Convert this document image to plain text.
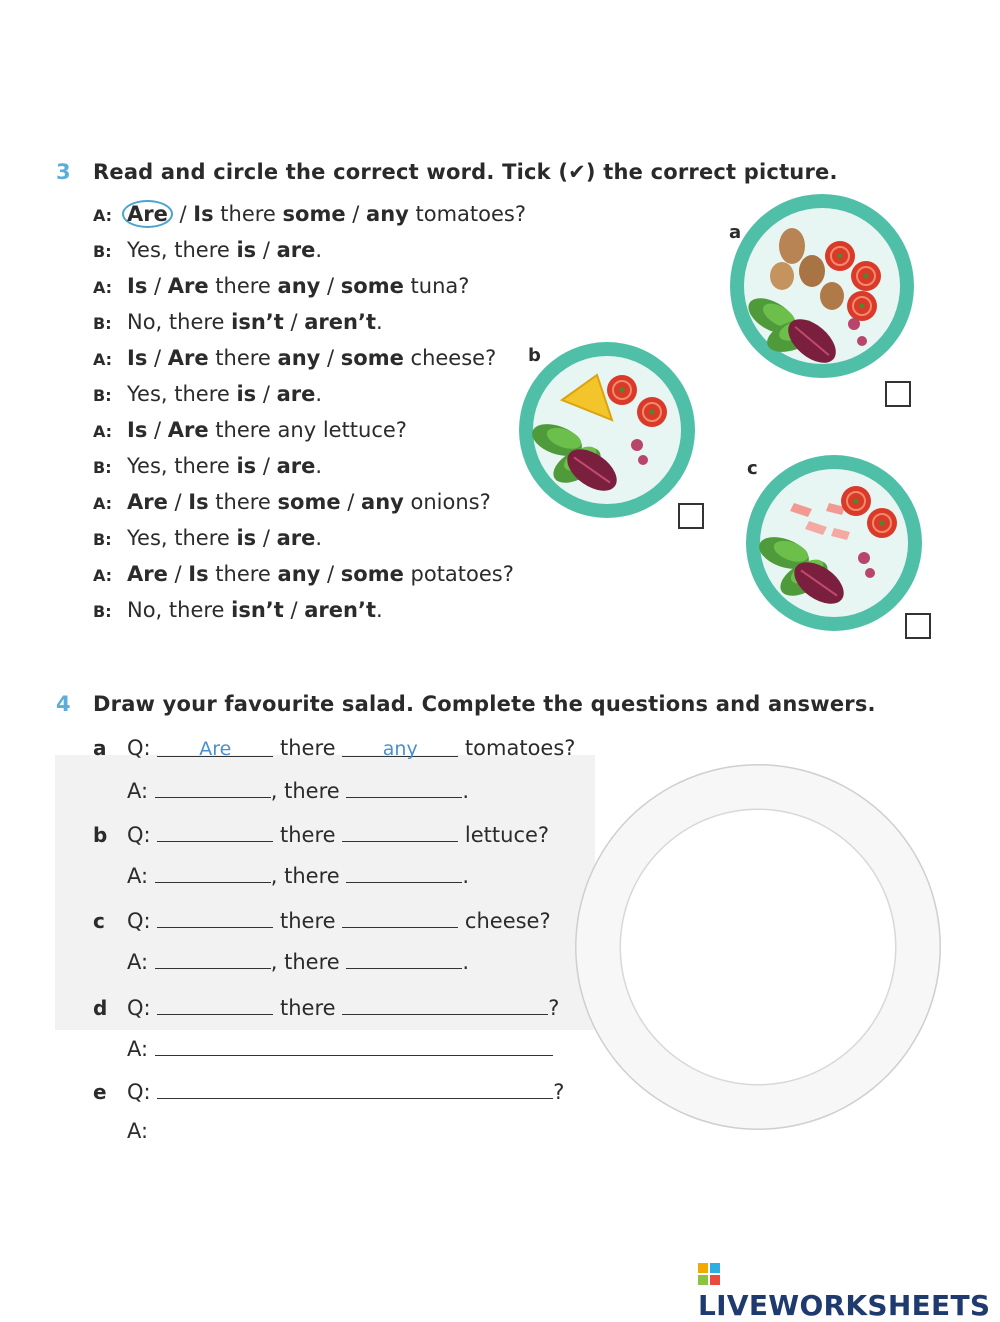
3 Read and circle the correct word. Tick (✔) the correct picture.
A: Are / Is there some / any tomatoes?
B: Yes, there is / are.
A: Is / Are there any / some tuna?
B: No, there isn’t / aren’t.
A: Is / Are there any / some cheese?
B: Yes, there is / are.
A: Is / Are there any lettuce?
B: Yes, there is / are.
A: Are / Is there some / any onions?
B: Yes, there is / are.
A: Are / Is there any / some potatoes?
B: No, there isn’t / aren’t.
a
b
c
4 Draw your favourite salad. Complete the questions and answers.
a Q:	Are there any tomatoes?
A:	, there	.
b Q:	there	lettuce?
A:	, there	.
c Q:	there	cheese?
A:	, there	.
d Q:	there	?
A:
e Q:	?
A:
LIVEWORKSHEETS
